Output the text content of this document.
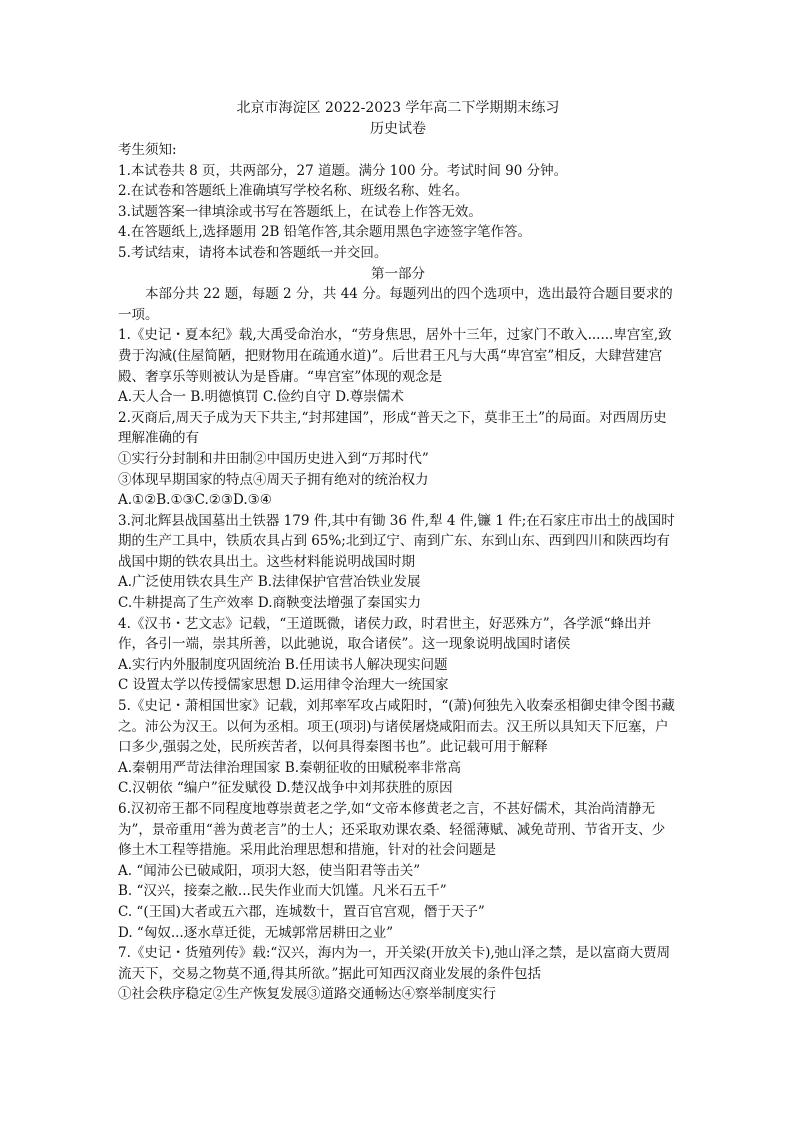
北京市海淀区 2022-2023 学年高二下学期期末练习
历史试卷

考生须知:

1.本试卷共 8 页，共两部分，27 道题。满分 100 分。考试时间 90 分钟。

2.在试卷和答题纸上准确填写学校名称、班级名称、姓名。

3.试题答案一律填涂或书写在答题纸上，在试卷上作答无效。

4.在答题纸上,选择题用 2B 铅笔作答,其余题用黑色字迹签字笔作答。

5.考试结束，请将本试卷和答题纸一并交回。

第一部分

本部分共 22 题，每题 2 分，共 44 分。每题列出的四个选项中，选出最符合题目要求的一项。

1.《史记・夏本纪》载,大禹受命治水，“劳身焦思，居外十三年，过家门不敢入......卑宫室,致费于沟減(住屋简陋，把财物用在疏通水道)”。后世君王凡与大禹“卑宫室”相反，大肆营建宫殿、奢享乐等则被认为是昏庸。“卑宫室”体现的观念是

A.天人合一 B.明德慎罚 C.俭约自守 D.尊崇儒术

2.灭商后,周天子成为天下共主,“封邦建国”，形成“普天之下，莫非王土”的局面。对西周历史理解准确的有

①实行分封制和井田制②中国历史进入到“万邦时代”

③体现早期国家的特点④周天子拥有绝对的统治权力

A.①②B.①③C.②③D.③④

3.河北辉县战国墓出土铁器 179 件,其中有锄 36 件,犁 4 件,镰 1 件;在石家庄市出土的战国时期的生产工具中，铁质农具占到 65%;北到辽宁、南到广东、东到山东、西到四川和陕西均有战国中期的铁农具出土。这些材料能说明战国时期

A.广泛使用铁农具生产 B.法律保护官营冶铁业发展

C.牛耕提高了生产效率 D.商鞅变法增强了秦国实力

4.《汉书・艺文志》记载，“王道既微，诸侯力政，时君世主，好恶殊方”，各学派“蜂出并作，各引一端，崇其所善，以此驰说，取合诸侯”。这一现象说明战国时诸侯

A.实行内外服制度巩固统治 B.任用读书人解决现实问题

C 设置太学以传授儒家思想 D.运用律令治理大一统国家

5.《史记・萧相国世家》记载，刘邦率军攻占咸阳时，“(萧)何独先入收秦丞相御史律令图书藏之。沛公为汉王。以何为丞相。项王(项羽)与诸侯屠烧咸阳而去。汉王所以具知天下厄塞，户口多少,强弱之处，民所疾苦者，以何具得秦图书也”。此记载可用于解释

A.秦朝用严苛法律治理国家 B.秦朝征收的田赋税率非常高

C.汉朝依 “编户”征发赋役 D.楚汉战争中刘邦获胜的原因

6.汉初帝王都不同程度地尊崇黄老之学,如“文帝本修黄老之言，不甚好儒术，其治尚清静无为”，景帝重用“善为黄老言”的士人；还采取劝课农桑、轻徭薄赋、减免苛刑、节省开支、少修土木工程等措施。采用此治理思想和措施，针对的社会问题是

A. “闻沛公已破咸阳，项羽大怒，使当阳君等击关”

B. “汉兴，接秦之敝...民失作业而大饥馑。凡米石五千”

C. “(王国)大者或五六郡，连城数十，置百官宫观，僭于天子”

D. “匈奴...逐水草迁徙，无城郭常居耕田之业”

7.《史记・货殖列传》载:“汉兴，海内为一，开关梁(开放关卡),弛山泽之禁，是以富商大贾周流天下，交易之物莫不通,得其所欲。”据此可知西汉商业发展的条件包括

①社会秩序稳定②生产恢复发展③道路交通畅达④察举制度实行
